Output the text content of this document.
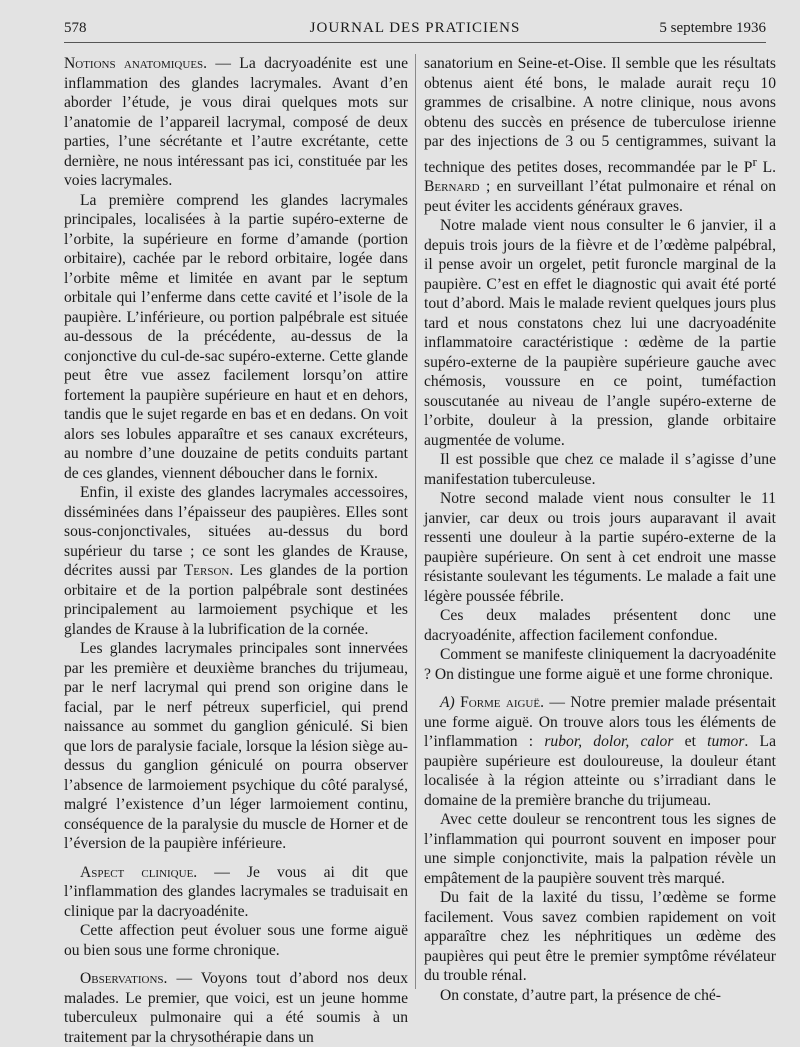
578	JOURNAL DES PRATICIENS	5 septembre 1936

Notions anatomiques. — La dacryoadénite est une inflammation des glandes lacrymales. Avant d’en aborder l’étude, je vous dirai quelques mots sur l’anatomie de l’appareil lacrymal, composé de deux parties, l’une sécrétante et l’autre excrétante, cette dernière, ne nous intéressant pas ici, constituée par les voies lacrymales.

La première comprend les glandes lacrymales principales, localisées à la partie supéro-externe de l’orbite, la supérieure en forme d’amande (portion orbitaire), cachée par le rebord orbitaire, logée dans l’orbite même et limitée en avant par le septum orbitale qui l’enferme dans cette cavité et l’isole de la paupière. L’inférieure, ou portion palpébrale est située au-dessous de la précédente, au-dessus de la conjonctive du cul-de-sac supéro-externe. Cette glande peut être vue assez facilement lorsqu’on attire fortement la paupière supérieure en haut et en dehors, tandis que le sujet regarde en bas et en dedans. On voit alors ses lobules apparaître et ses canaux excréteurs, au nombre d’une douzaine de petits conduits partant de ces glandes, viennent déboucher dans le fornix.

Enfin, il existe des glandes lacrymales accessoires, disséminées dans l’épaisseur des paupières. Elles sont sous-conjonctivales, situées au-dessus du bord supérieur du tarse ; ce sont les glandes de Krause, décrites aussi par Terson. Les glandes de la portion orbitaire et de la portion palpébrale sont destinées principalement au larmoiement psychique et les glandes de Krause à la lubrification de la cornée.

Les glandes lacrymales principales sont innervées par les première et deuxième branches du trijumeau, par le nerf lacrymal qui prend son origine dans le facial, par le nerf pétreux superficiel, qui prend naissance au sommet du ganglion géniculé. Si bien que lors de paralysie faciale, lorsque la lésion siège au-dessus du ganglion géniculé on pourra observer l’absence de larmoiement psychique du côté paralysé, malgré l’existence d’un léger larmoiement continu, conséquence de la paralysie du muscle de Horner et de l’éversion de la paupière inférieure.

Aspect clinique. — Je vous ai dit que l’inflammation des glandes lacrymales se traduisait en clinique par la dacryoadénite.

Cette affection peut évoluer sous une forme aiguë ou bien sous une forme chronique.

Observations. — Voyons tout d’abord nos deux malades. Le premier, que voici, est un jeune homme tuberculeux pulmonaire qui a été soumis à un traitement par la chrysothérapie dans un

sanatorium en Seine-et-Oise. Il semble que les résultats obtenus aient été bons, le malade aurait reçu 10 grammes de crisalbine. A notre clinique, nous avons obtenu des succès en présence de tuberculose irienne par des injections de 3 ou 5 centigrammes, suivant la technique des petites doses, recommandée par le $P^r$ L. Bernard ; en surveillant l’état pulmonaire et rénal on peut éviter les accidents généraux graves.

Notre malade vient nous consulter le 6 janvier, il a depuis trois jours de la fièvre et de l’œdème palpébral, il pense avoir un orgelet, petit furoncle marginal de la paupière. C’est en effet le diagnostic qui avait été porté tout d’abord. Mais le malade revient quelques jours plus tard et nous constatons chez lui une dacryoadénite inflammatoire caractéristique : œdème de la partie supéro-externe de la paupière supérieure gauche avec chémosis, voussure en ce point, tuméfaction souscutanée au niveau de l’angle supéro-externe de l’orbite, douleur à la pression, glande orbitaire augmentée de volume.

Il est possible que chez ce malade il s’agisse d’une manifestation tuberculeuse.

Notre second malade vient nous consulter le 11 janvier, car deux ou trois jours auparavant il avait ressenti une douleur à la partie supéro-externe de la paupière supérieure. On sent à cet endroit une masse résistante soulevant les téguments. Le malade a fait une légère poussée fébrile.

Ces deux malades présentent donc une dacryoadénite, affection facilement confondue.

Comment se manifeste cliniquement la dacryoadénite ? On distingue une forme aiguë et une forme chronique.

A) Forme aiguë. — Notre premier malade présentait une forme aiguë. On trouve alors tous les éléments de l’inflammation : rubor, dolor, calor et tumor. La paupière supérieure est douloureuse, la douleur étant localisée à la région atteinte ou s’irradiant dans le domaine de la première branche du trijumeau.

Avec cette douleur se rencontrent tous les signes de l’inflammation qui pourront souvent en imposer pour une simple conjonctivite, mais la palpation révèle un empâtement de la paupière souvent très marqué.

Du fait de la laxité du tissu, l’œdème se forme facilement. Vous savez combien rapidement on voit apparaître chez les néphritiques un œdème des paupières qui peut être le premier symptôme révélateur du trouble rénal.

On constate, d’autre part, la présence de ché-
